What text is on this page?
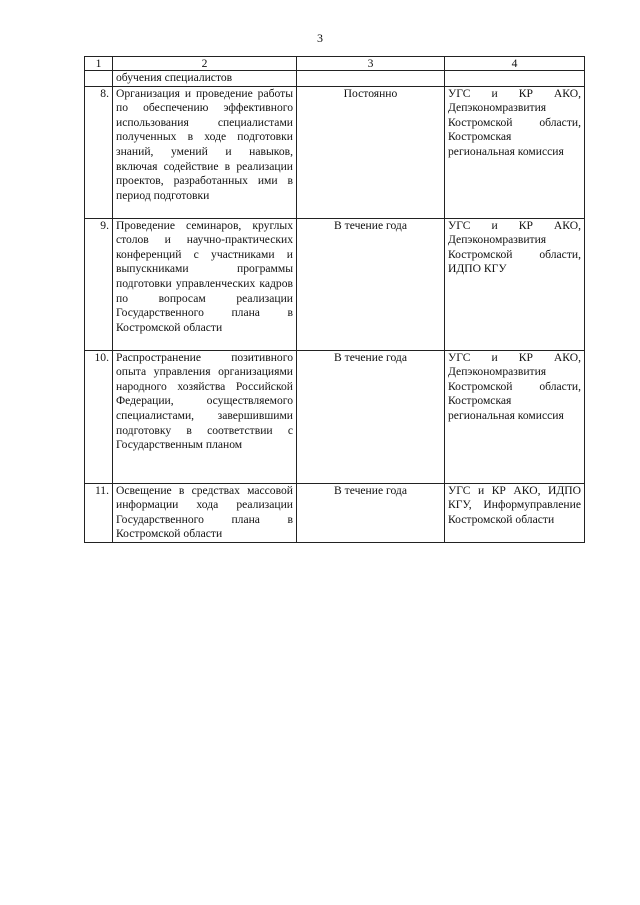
3
1	2	3	4
	обучения специалистов		
8.	Организация и проведение работы по обеспечению эффективного использования специалистами полученных в ходе подготовки знаний, умений и навыков, включая содействие в реализации проектов, разработанных ими в период подготовки	Постоянно	УГС и КР АКО, Депэкономразвития Костромской области, Костромская региональная комиссия
9.	Проведение семинаров, круглых столов и научно-практических конференций с участниками и выпускниками программы подготовки управленческих кадров по вопросам реализации Государственного плана в Костромской области	В течение года	УГС и КР АКО, Депэкономразвития Костромской области, ИДПО КГУ
10.	Распространение позитивного опыта управления организациями народного хозяйства Российской Федерации, осуществляемого специалистами, завершившими подготовку в соответствии с Государственным планом	В течение года	УГС и КР АКО, Депэкономразвития Костромской области, Костромская региональная комиссия
11.	Освещение в средствах массовой информации хода реализации Государственного плана в Костромской области	В течение года	УГС и КР АКО, ИДПО КГУ, Информуправление Костромской области
